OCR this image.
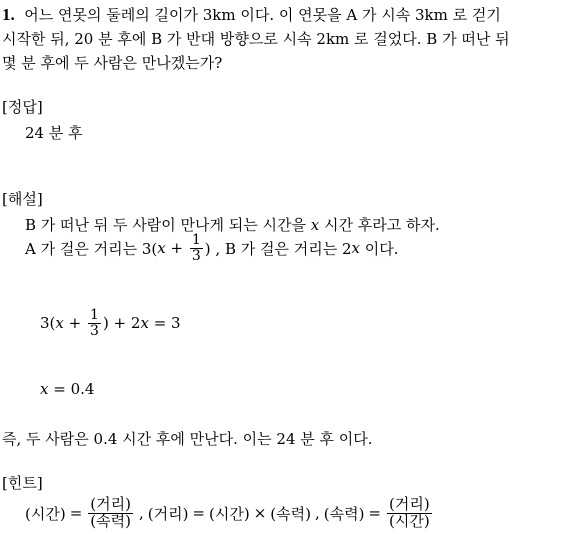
1. 어느 연못의 둘레의 길이가 3km 이다. 이 연못을 A 가 시속 3km 로 걷기
시작한 뒤, 20 분 후에 B 가 반대 방향으로 시속 2km 로 걸었다. B 가 떠난 뒤
몇 분 후에 두 사람은 만나겠는가?
[정답]
24 분 후
[해설]
B 가 떠난 뒤 두 사람이 만나게 되는 시간을 x 시간 후라고 하자.
A 가 걸은 거리는 3( x
+
$\frac{1}{3}$ ) , B 가 걸은 거리는 2 x
이다.
3( x
+
$\frac{1}{3}$ ) + 2 x
= 3
x = 0.4
즉, 두 사람은 0.4 시간 후에 만난다. 이는 24 분 후 이다.
[힌트]
(시간) = $\frac{\text{(거리)}}{\text{(속력)}}$ , (거리) = (시간) × (속력) , (속력) = $\frac{\text{(거리)}}{\text{(시간)}}$
